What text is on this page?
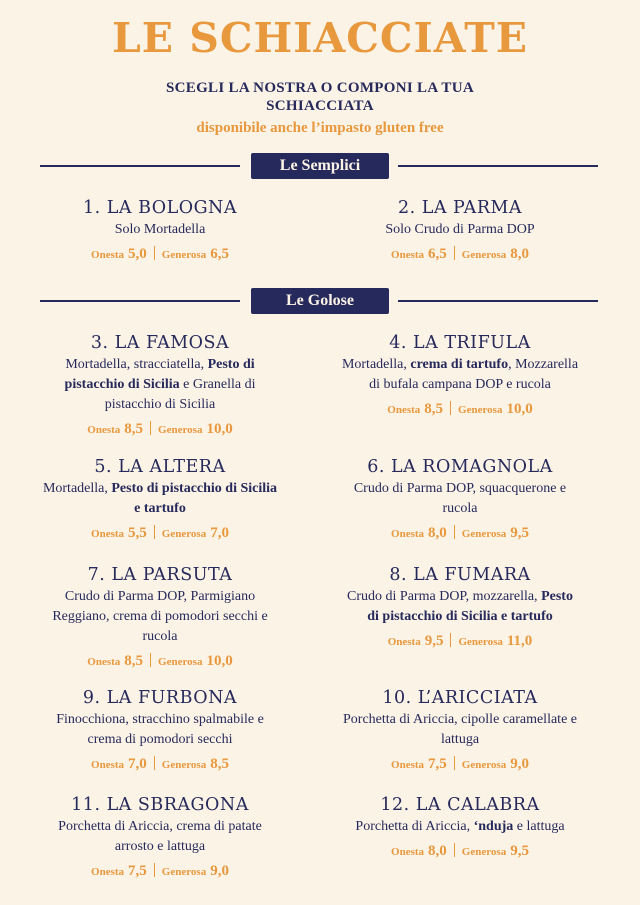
LE SCHIACCIATE
SCEGLI LA NOSTRA O COMPONI LA TUA SCHIACCIATA
disponibile anche l’impasto gluten free
Le Semplici
Le Golose
1. LA BOLOGNA
Solo Mortadella
Onesta 5,0 Generosa 6,5
2. LA PARMA
Solo Crudo di Parma DOP
Onesta 6,5 Generosa 8,0
3. LA FAMOSA
Mortadella, stracciatella, Pesto di pistacchio di Sicilia e Granella di pistacchio di Sicilia
Onesta 8,5 Generosa 10,0
4. LA TRIFULA
Mortadella, crema di tartufo, Mozzarella di bufala campana DOP e rucola
Onesta 8,5 Generosa 10,0
5. LA ALTERA
Mortadella, Pesto di pistacchio di Sicilia e tartufo
Onesta 5,5 Generosa 7,0
6. LA ROMAGNOLA
Crudo di Parma DOP, squacquerone e rucola
Onesta 8,0 Generosa 9,5
7. LA PARSUTA
Crudo di Parma DOP, Parmigiano Reggiano, crema di pomodori secchi e rucola
Onesta 8,5 Generosa 10,0
8. LA FUMARA
Crudo di Parma DOP, mozzarella, Pesto di pistacchio di Sicilia e tartufo
Onesta 9,5 Generosa 11,0
9. LA FURBONA
Finocchiona, stracchino spalmabile e crema di pomodori secchi
Onesta 7,0 Generosa 8,5
10. L’ARICCIATA
Porchetta di Ariccia, cipolle caramellate e lattuga
Onesta 7,5 Generosa 9,0
11. LA SBRAGONA
Porchetta di Ariccia, crema di patate arrosto e lattuga
Onesta 7,5 Generosa 9,0
12. LA CALABRA
Porchetta di Ariccia, ‘nduja e lattuga
Onesta 8,0 Generosa 9,5
